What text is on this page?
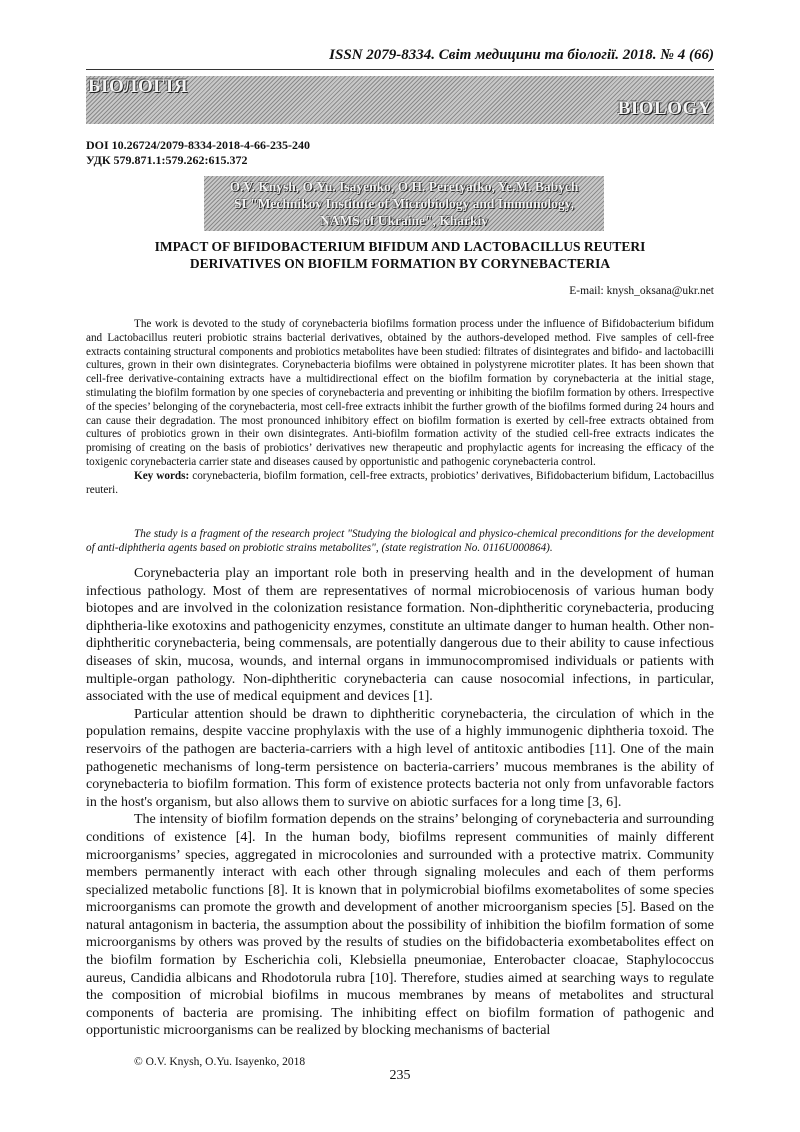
ISSN 2079-8334. Світ медицини та біології. 2018. № 4 (66)
БІОЛОГІЯ
BIOLOGY
DOI 10.26724/2079-8334-2018-4-66-235-240
УДК 579.871.1:579.262:615.372
O.V. Knysh, O.Yu. Isayenko, O.H. Peretyatko, Ye.M. Babych
SI "Mechnikov Institute of Microbiology and Immunology,
NAMS of Ukraine", Kharkiv
IMPACT OF BIFIDOBACTERIUM BIFIDUM AND LACTOBACILLUS REUTERI
DERIVATIVES ON BIOFILM FORMATION BY CORYNEBACTERIA
E-mail: knysh_oksana@ukr.net

The work is devoted to the study of corynebacteria biofilms formation process under the influence of Bifidobacterium bifidum and Lactobacillus reuteri probiotic strains bacterial derivatives, obtained by the authors-developed method. Five samples of cell-free extracts containing structural components and probiotics metabolites have been studied: filtrates of disintegrates and bifido- and lactobacilli cultures, grown in their own disintegrates. Corynebacteria biofilms were obtained in polystyrene microtiter plates. It has been shown that cell-free derivative-containing extracts have a multidirectional effect on the biofilm formation by corynebacteria at the initial stage, stimulating the biofilm formation by one species of corynebacteria and preventing or inhibiting the biofilm formation by others. Irrespective of the species’ belonging of the corynebacteria, most cell-free extracts inhibit the further growth of the biofilms formed during 24 hours and can cause their degradation. The most pronounced inhibitory effect on biofilm formation is exerted by cell-free extracts obtained from cultures of probiotics grown in their own disintegrates. Anti-biofilm formation activity of the studied cell-free extracts indicates the promising of creating on the basis of probiotics’ derivatives new therapeutic and prophylactic agents for increasing the efficacy of the toxigenic corynebacteria carrier state and diseases caused by opportunistic and pathogenic corynebacteria control.

Key words: corynebacteria, biofilm formation, cell-free extracts, probiotics’ derivatives, Bifidobacterium bifidum, Lactobacillus reuteri.

The study is a fragment of the research project "Studying the biological and physico-chemical preconditions for the development of anti-diphtheria agents based on probiotic strains metabolites", (state registration No. 0116U000864).

Corynebacteria play an important role both in preserving health and in the development of human infectious pathology. Most of them are representatives of normal microbiocenosis of various human body biotopes and are involved in the colonization resistance formation. Non-diphtheritic corynebacteria, producing diphtheria-like exotoxins and pathogenicity enzymes, constitute an ultimate danger to human health. Other non-diphtheritic corynebacteria, being commensals, are potentially dangerous due to their ability to cause infectious diseases of skin, mucosa, wounds, and internal organs in immunocompromised individuals or patients with multiple-organ pathology. Non-diphtheritic corynebacteria can cause nosocomial infections, in particular, associated with the use of medical equipment and devices [1].

Particular attention should be drawn to diphtheritic corynebacteria, the circulation of which in the population remains, despite vaccine prophylaxis with the use of a highly immunogenic diphtheria toxoid. The reservoirs of the pathogen are bacteria-carriers with a high level of antitoxic antibodies [11]. One of the main pathogenetic mechanisms of long-term persistence on bacteria-carriers’ mucous membranes is the ability of corynebacteria to biofilm formation. This form of existence protects bacteria not only from unfavorable factors in the host's organism, but also allows them to survive on abiotic surfaces for a long time [3, 6].

The intensity of biofilm formation depends on the strains’ belonging of corynebacteria and surrounding conditions of existence [4]. In the human body, biofilms represent communities of mainly different microorganisms’ species, aggregated in microcolonies and surrounded with a protective matrix. Community members permanently interact with each other through signaling molecules and each of them performs specialized metabolic functions [8]. It is known that in polymicrobial biofilms exometabolites of some species microorganisms can promote the growth and development of another microorganism species [5]. Based on the natural antagonism in bacteria, the assumption about the possibility of inhibition the biofilm formation of some microorganisms by others was proved by the results of studies on the bifidobacteria exombetabolites effect on the biofilm formation by Escherichia coli, Klebsiella pneumoniae, Enterobacter cloacae, Staphylococcus aureus, Candidia albicans and Rhodotorula rubra [10]. Therefore, studies aimed at searching ways to regulate the composition of microbial biofilms in mucous membranes by means of metabolites and structural components of bacteria are promising. The inhibiting effect on biofilm formation of pathogenic and opportunistic microorganisms can be realized by blocking mechanisms of bacterial

© O.V. Knysh, O.Yu. Isayenko, 2018
235
